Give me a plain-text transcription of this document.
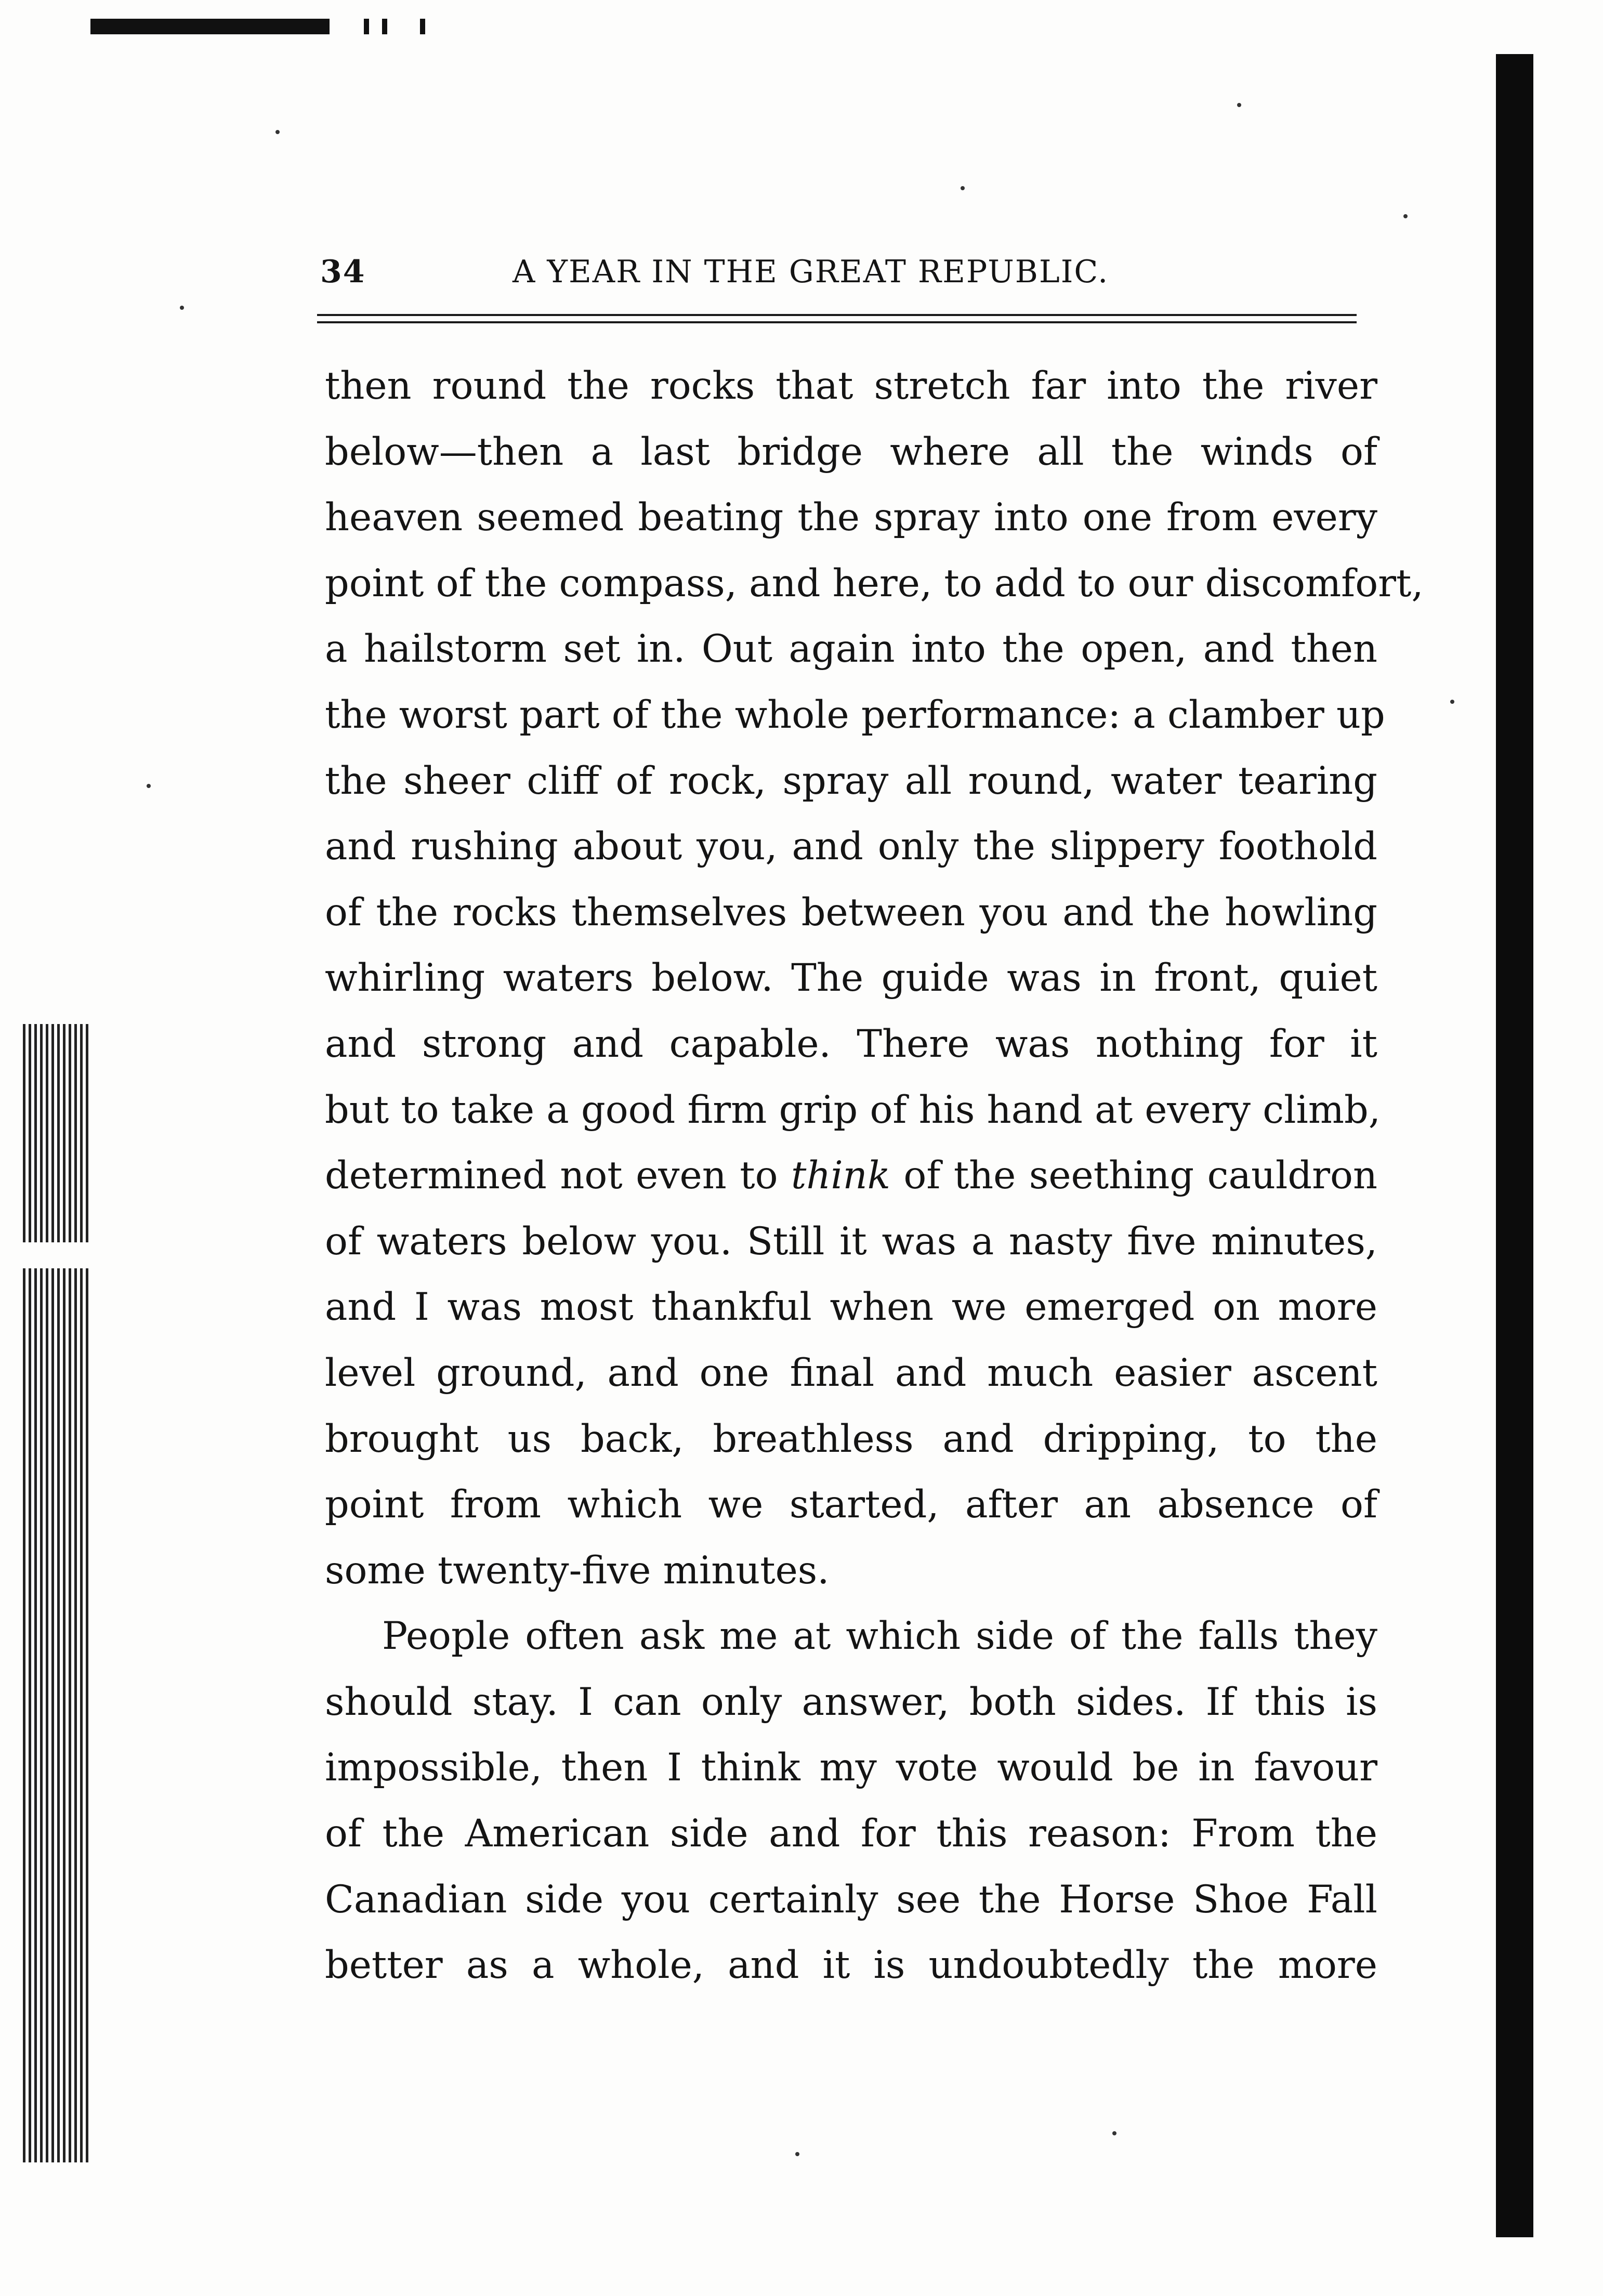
34	A YEAR IN THE GREAT REPUBLIC.
then round the rocks that stretch far into the river
below—then a last bridge where all the winds of
heaven seemed beating the spray into one from every
point of the compass, and here, to add to our discomfort,
a hailstorm set in. Out again into the open, and then
the worst part of the whole performance: a clamber up
the sheer cliff of rock, spray all round, water tearing
and rushing about you, and only the slippery foothold
of the rocks themselves between you and the howling
whirling waters below. The guide was in front, quiet
and strong and capable. There was nothing for it
but to take a good firm grip of his hand at every climb,
determined not even to think of the seething cauldron
of waters below you. Still it was a nasty five minutes,
and I was most thankful when we emerged on more
level ground, and one final and much easier ascent
brought us back, breathless and dripping, to the
point from which we started, after an absence of
some twenty-five minutes.
People often ask me at which side of the falls they
should stay. I can only answer, both sides. If this is
impossible, then I think my vote would be in favour
of the American side and for this reason: From the
Canadian side you certainly see the Horse Shoe Fall
better as a whole, and it is undoubtedly the more
